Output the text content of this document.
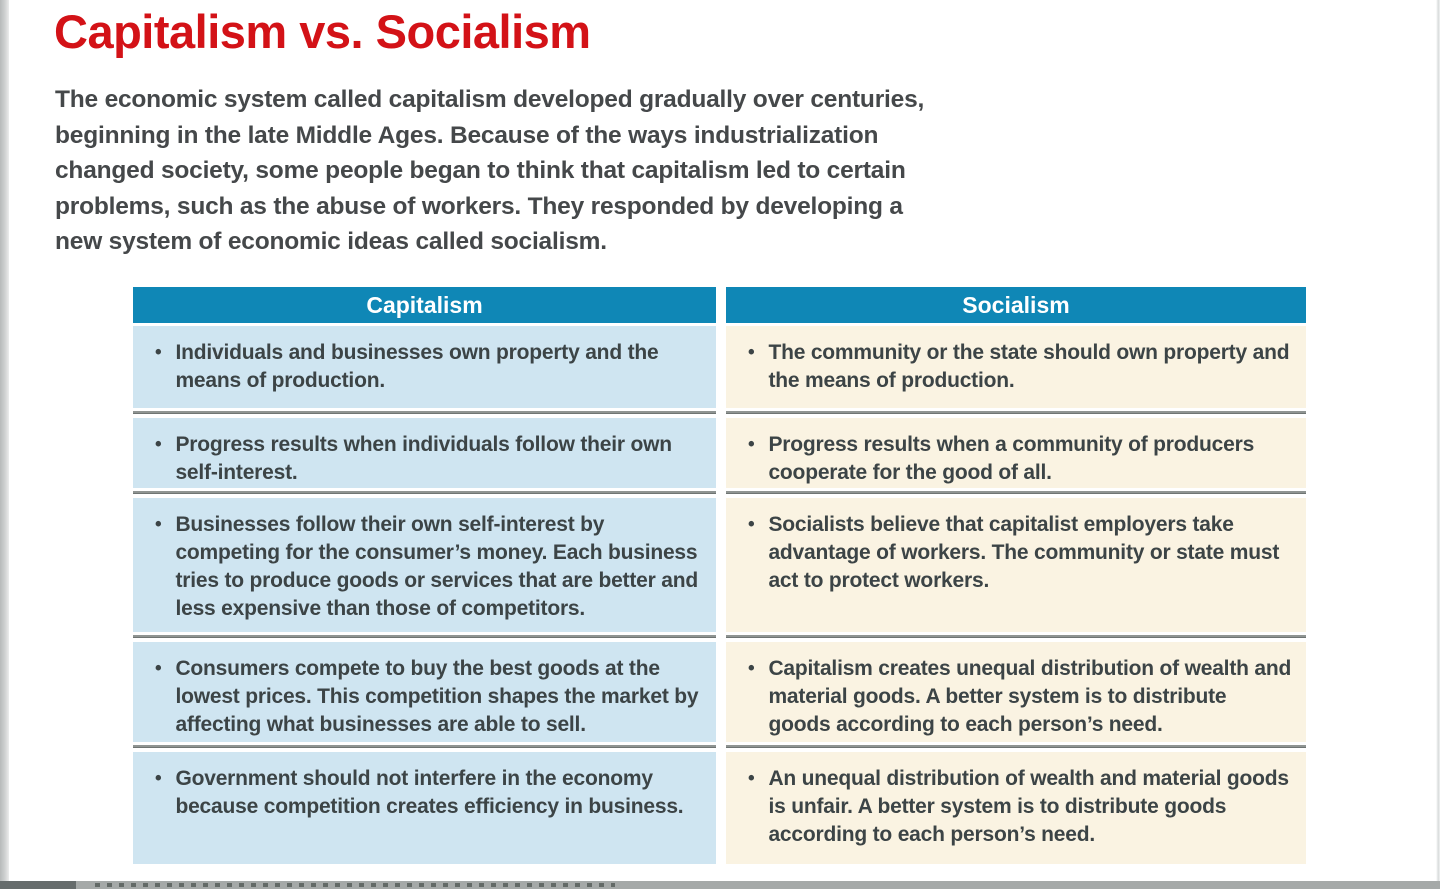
Capitalism vs. Socialism
The economic system called capitalism developed gradually over centuries,
beginning in the late Middle Ages. Because of the ways industrialization
changed society, some people began to think that capitalism led to certain
problems, such as the abuse of workers. They responded by developing a
new system of economic ideas called socialism.
Capitalism	Socialism
• Individuals and businesses own property and the means of production.
• The community or the state should own property and the means of production.
• Progress results when individuals follow their own self-interest.
• Progress results when a community of producers cooperate for the good of all.
• Businesses follow their own self-interest by competing for the consumer’s money. Each business tries to produce goods or services that are better and less expensive than those of competitors.
• Socialists believe that capitalist employers take advantage of workers. The community or state must act to protect workers.
• Consumers compete to buy the best goods at the lowest prices. This competition shapes the market by affecting what businesses are able to sell.
• Capitalism creates unequal distribution of wealth and material goods. A better system is to distribute goods according to each person’s need.
• Government should not interfere in the economy because competition creates efficiency in business.
• An unequal distribution of wealth and material goods is unfair. A better system is to distribute goods according to each person’s need.
